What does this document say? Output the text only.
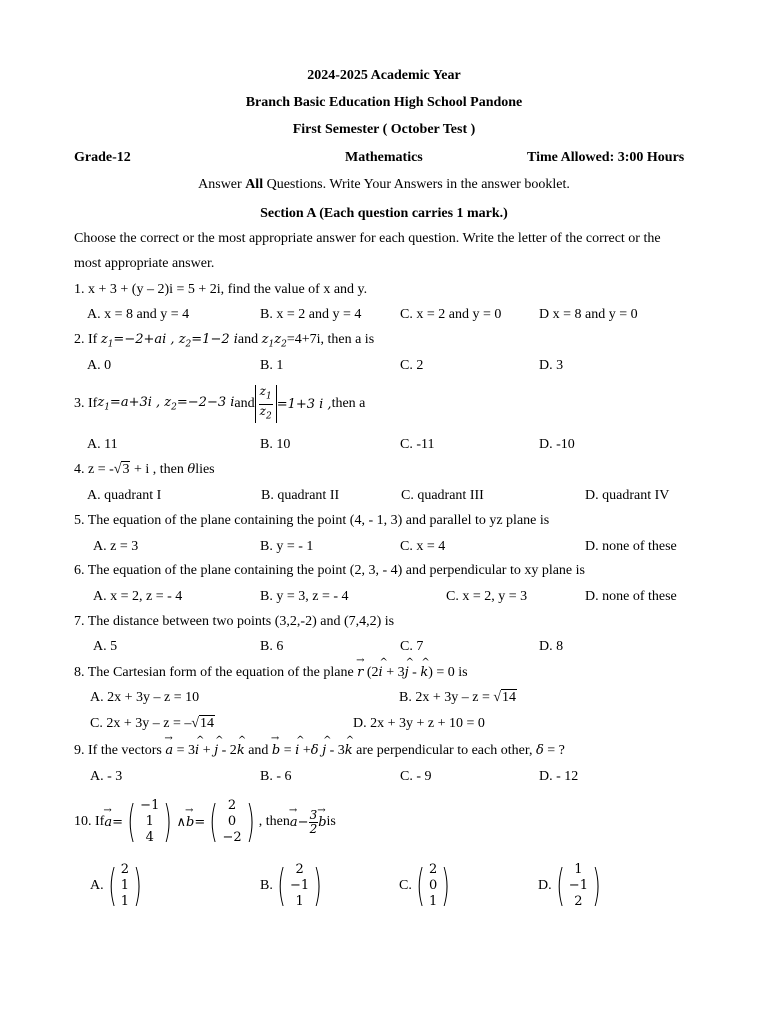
2024-2025 Academic Year
Branch Basic Education High School Pandone
First Semester ( October Test )
Grade-12	Mathematics	Time Allowed: 3:00 Hours
Answer All Questions. Write Your Answers in the answer booklet.
Section A (Each question carries 1 mark.)
Choose the correct or the most appropriate answer for each question. Write the letter of the correct or the
most appropriate answer.
1. x + 3 + (y – 2)i = 5 + 2i, find the value of x and y.
A. x = 8 and y = 4	B. x = 2 and y = 4	C. x = 2 and y = 0	D x = 8 and y = 0
2. If $z_1=-2+ai$ , $z_2=1-2$ iand $z_1z_2=4+7i$, then a is
A. 0	B. 1	C. 2	D. 3
3. If $z_1=a+3i$ , $z_2=-2-3$ i and $\frac{z_1}{z_2} =1+3$ i , then a
A. 11	B. 10	C. -11	D. -10
4. z = -√3 + i , then θlies
A. quadrant I	B. quadrant II	C. quadrant III	D. quadrant IV
5. The equation of the plane containing the point (4, - 1, 3) and parallel to yz plane is
A. z = 3	B. y = - 1	C. x = 4	D. none of these
6. The equation of the plane containing the point (2, 3, - 4) and perpendicular to xy plane is
A. x = 2, z = - 4	B. y = 3, z = - 4	C. x = 2, y = 3	D. none of these
7. The distance between two points (3,2,-2) and (7,4,2) is
A. 5	B. 6	C. 7	D. 8
8. The Cartesian form of the equation of the plane r → (2i ^ + 3j ^ - k ^) = 0 is
A. 2x + 3y – z = 10	B. 2x + 3y – z = √14
C. 2x + 3y – z = –√14	D. 2x + 3y + z + 10 = 0
9. If the vectors a → = 3i ^ + j ^ - 2k ^ and b → = i ^ +δ j ^ - 3k ^ are perpendicular to each other, δ = ?
A. - 3	B. - 6	C. - 9	D. - 12
10. If a → = ( −1
1
4 ) ∧ b → = ( 2
0
−2 ) , then a → − $\frac{3}{2}$ b → is
A. ( 2
1
1 )	B. ( 2
−1
1 )	C. ( 2
0
1 )	D. ( 1
−1
2 )
